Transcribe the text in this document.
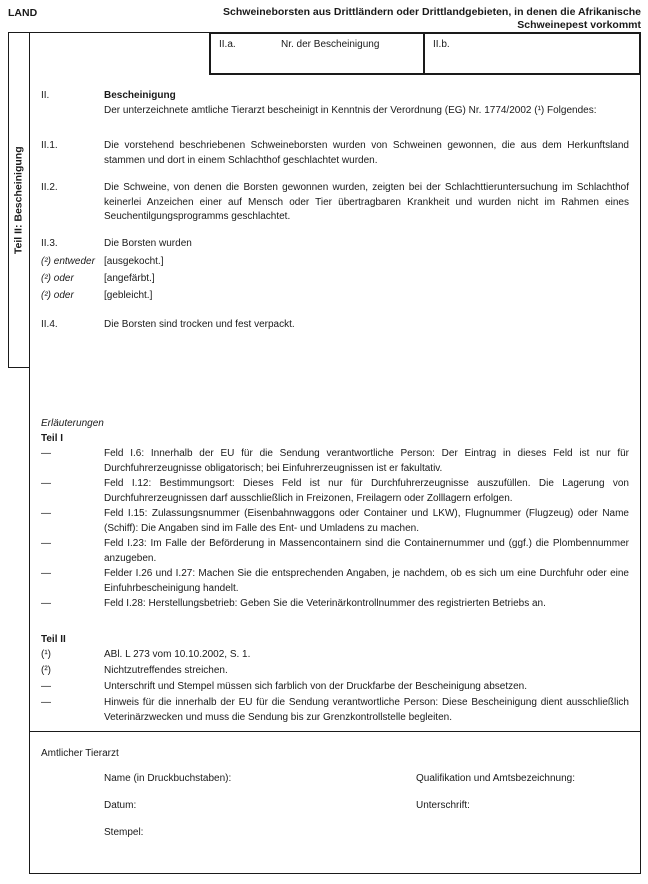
LAND	Schweineborsten aus Drittländern oder Drittlandgebieten, in denen die Afrikanische
Schweinepest vorkommt
Teil II: Bescheinigung
II.	Bescheinigung
Der unterzeichnete amtliche Tierarzt bescheinigt in Kenntnis der Verordnung (EG) Nr. 1774/2002 (¹) Folgendes:
II.1.	Die vorstehend beschriebenen Schweineborsten wurden von Schweinen gewonnen, die aus dem Herkunftsland stammen und dort in einem Schlachthof geschlachtet wurden.
II.2.	Die Schweine, von denen die Borsten gewonnen wurden, zeigten bei der Schlachttieruntersuchung im Schlachthof keinerlei Anzeichen einer auf Mensch oder Tier übertragbaren Krankheit und wurden nicht im Rahmen eines Seuchentilgungsprogramms geschlachtet.
II.3.	Die Borsten wurden
(²) entweder [ausgekocht.]
(²) oder	[angefärbt.]
(²) oder	[gebleicht.]
II.4.	Die Borsten sind trocken und fest verpackt.
Erläuterungen
Teil I
—	Feld I.6: Innerhalb der EU für die Sendung verantwortliche Person: Der Eintrag in dieses Feld ist nur für Durchfuhrerzeugnisse obligatorisch; bei Einfuhrerzeugnissen ist er fakultativ.
—	Feld I.12: Bestimmungsort: Dieses Feld ist nur für Durchfuhrerzeugnisse auszufüllen. Die Lagerung von Durchfuhrerzeugnissen darf ausschließlich in Freizonen, Freilagern oder Zolllagern erfolgen.
—	Feld I.15: Zulassungsnummer (Eisenbahnwaggons oder Container und LKW), Flugnummer (Flugzeug) oder Name (Schiff): Die Angaben sind im Falle des Ent- und Umladens zu machen.
—	Feld I.23: Im Falle der Beförderung in Massencontainern sind die Containernummer und (ggf.) die Plombennummer anzugeben.
—	Felder I.26 und I.27: Machen Sie die entsprechenden Angaben, je nachdem, ob es sich um eine Durchfuhr oder eine Einfuhrbescheinigung handelt.
—	Feld I.28: Herstellungsbetrieb: Geben Sie die Veterinärkontrollnummer des registrierten Betriebs an.
Teil II
(¹)	ABl. L 273 vom 10.10.2002, S. 1.
(²)	Nichtzutreffendes streichen.
—	Unterschrift und Stempel müssen sich farblich von der Druckfarbe der Bescheinigung absetzen.
—	Hinweis für die innerhalb der EU für die Sendung verantwortliche Person: Diese Bescheinigung dient ausschließlich Veterinärzwecken und muss die Sendung bis zur Grenzkontrollstelle begleiten.
Amtlicher Tierarzt
Name (in Druckbuchstaben):	Qualifikation und Amtsbezeichnung:
Datum:	Unterschrift:
Stempel:
II.a.	Nr. der Bescheinigung	II.b.
